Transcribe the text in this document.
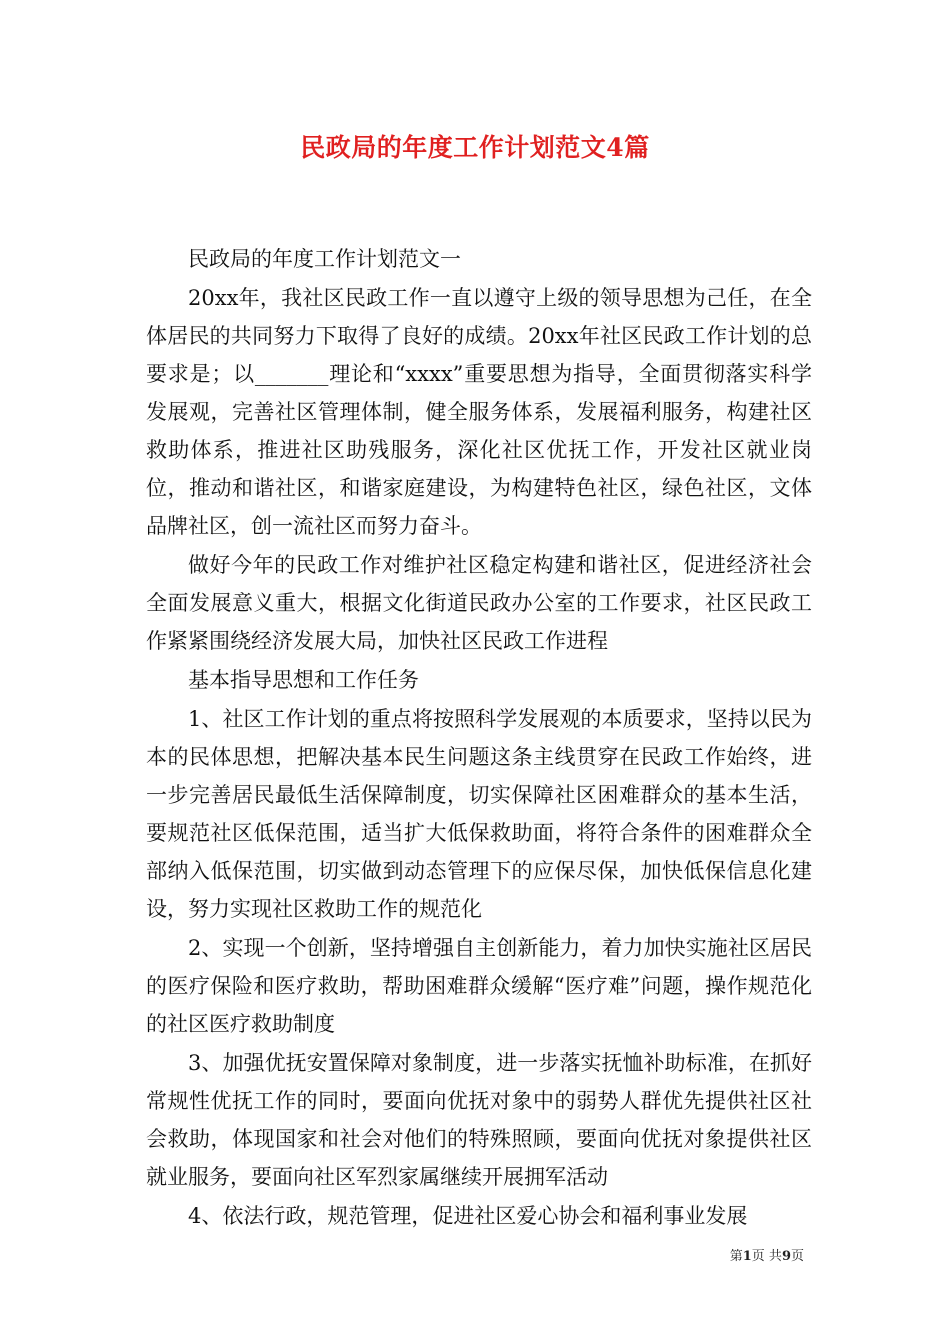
民政局的年度工作计划范文4篇

民政局的年度工作计划范文一

20xx年，我社区民政工作一直以遵守上级的领导思想为己任，在全体居民的共同努力下取得了良好的成绩。20xx年社区民政工作计划的总要求是；以_______理论和“xxxx”重要思想为指导，全面贯彻落实科学发展观，完善社区管理体制，健全服务体系，发展福利服务，构建社区救助体系，推进社区助残服务，深化社区优抚工作，开发社区就业岗位，推动和谐社区，和谐家庭建设，为构建特色社区，绿色社区，文体品牌社区，创一流社区而努力奋斗。

做好今年的民政工作对维护社区稳定构建和谐社区，促进经济社会全面发展意义重大，根据文化街道民政办公室的工作要求，社区民政工作紧紧围绕经济发展大局，加快社区民政工作进程

基本指导思想和工作任务

1、社区工作计划的重点将按照科学发展观的本质要求，坚持以民为本的民体思想，把解决基本民生问题这条主线贯穿在民政工作始终，进一步完善居民最低生活保障制度，切实保障社区困难群众的基本生活，要规范社区低保范围，适当扩大低保救助面，将符合条件的困难群众全部纳入低保范围，切实做到动态管理下的应保尽保，加快低保信息化建设，努力实现社区救助工作的规范化

2、实现一个创新，坚持增强自主创新能力，着力加快实施社区居民的医疗保险和医疗救助，帮助困难群众缓解“医疗难”问题，操作规范化的社区医疗救助制度

3、加强优抚安置保障对象制度，进一步落实抚恤补助标准，在抓好常规性优抚工作的同时，要面向优抚对象中的弱势人群优先提供社区社会救助，体现国家和社会对他们的特殊照顾，要面向优抚对象提供社区就业服务，要面向社区军烈家属继续开展拥军活动

4、依法行政，规范管理，促进社区爱心协会和福利事业发展

第1页 共9页
